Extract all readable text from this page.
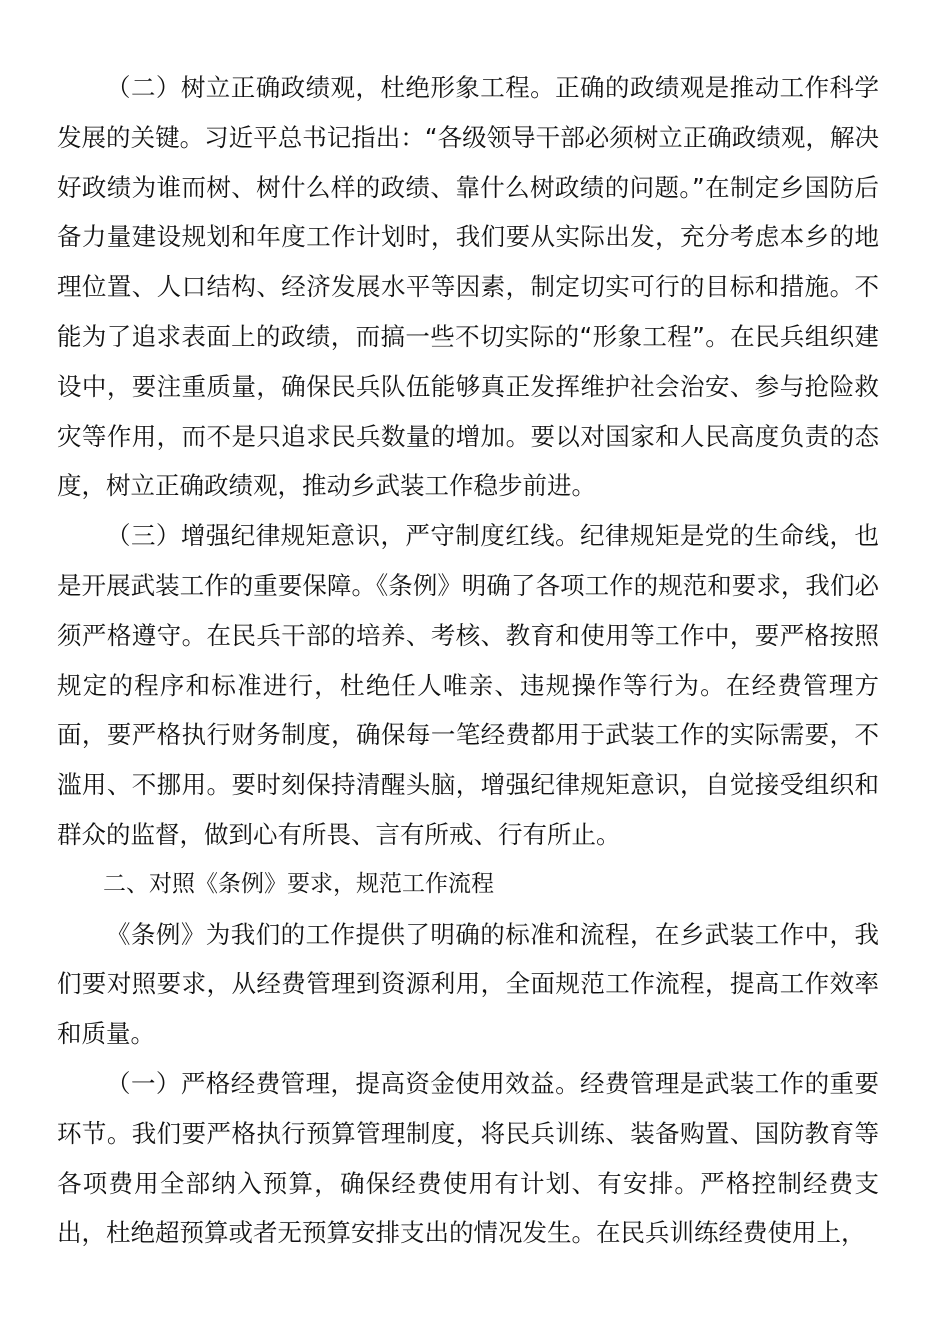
（二）树立正确政绩观，杜绝形象工程。正确的政绩观是推动工作科学发展的关键。习近平总书记指出：“各级领导干部必须树立正确政绩观，解决好政绩为谁而树、树什么样的政绩、靠什么树政绩的问题。”在制定乡国防后备力量建设规划和年度工作计划时，我们要从实际出发，充分考虑本乡的地理位置、人口结构、经济发展水平等因素，制定切实可行的目标和措施。不能为了追求表面上的政绩，而搞一些不切实际的“形象工程”。在民兵组织建设中，要注重质量，确保民兵队伍能够真正发挥维护社会治安、参与抢险救灾等作用，而不是只追求民兵数量的增加。要以对国家和人民高度负责的态度，树立正确政绩观，推动乡武装工作稳步前进。

（三）增强纪律规矩意识，严守制度红线。纪律规矩是党的生命线，也是开展武装工作的重要保障。《条例》明确了各项工作的规范和要求，我们必须严格遵守。在民兵干部的培养、考核、教育和使用等工作中，要严格按照规定的程序和标准进行，杜绝任人唯亲、违规操作等行为。在经费管理方面，要严格执行财务制度，确保每一笔经费都用于武装工作的实际需要，不滥用、不挪用。要时刻保持清醒头脑，增强纪律规矩意识，自觉接受组织和群众的监督，做到心有所畏、言有所戒、行有所止。

二、对照《条例》要求，规范工作流程

《条例》为我们的工作提供了明确的标准和流程，在乡武装工作中，我们要对照要求，从经费管理到资源利用，全面规范工作流程，提高工作效率和质量。

（一）严格经费管理，提高资金使用效益。经费管理是武装工作的重要环节。我们要严格执行预算管理制度，将民兵训练、装备购置、国防教育等各项费用全部纳入预算，确保经费使用有计划、有安排。严格控制经费支出，杜绝超预算或者无预算安排支出的情况发生。在民兵训练经费使用上，
